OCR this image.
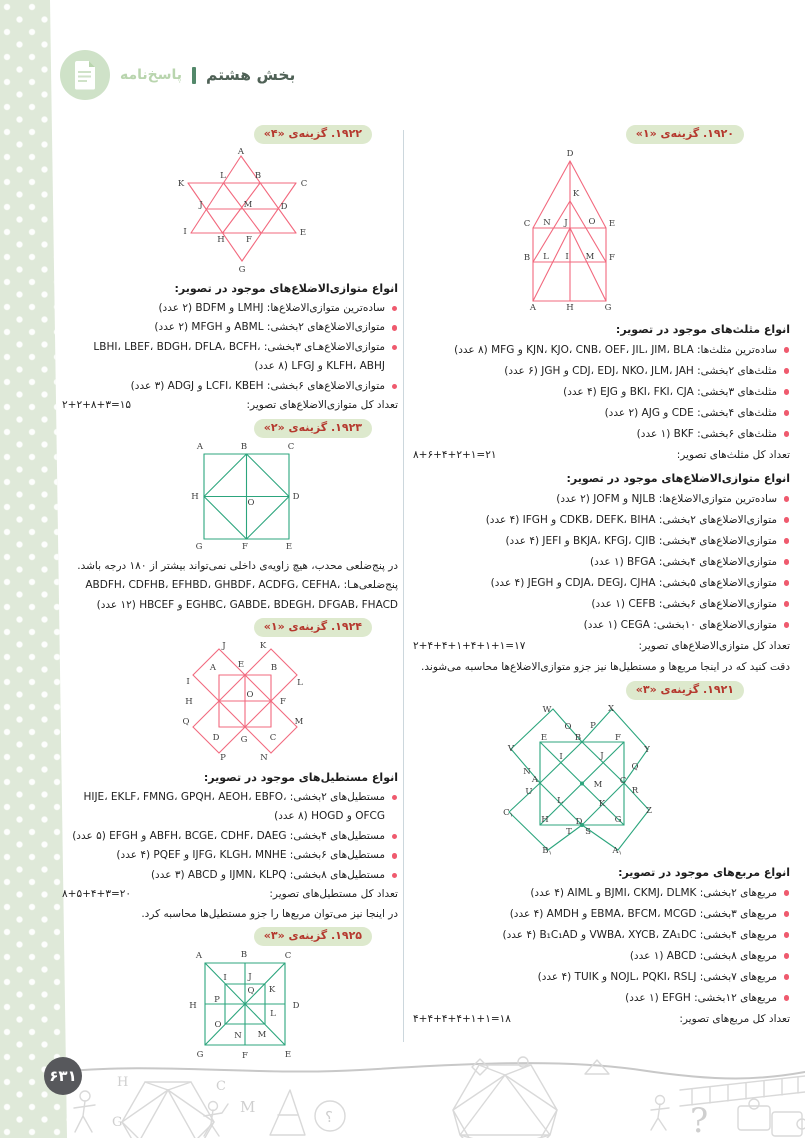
پاسخ‌نامه بخش هشتم
۱۹۲۰. گزینه‌ی «۱»
D
K
C N J O E
B L I M F
A	H	G

انواع مثلث‌های موجود در تصویر:

ساده‌ترین مثلث‌ها: KJN، KJO، CNB، OEF، JIL، JIM، BLA و MFG (۸ عدد)

مثلث‌های ۲بخشی: CDJ، EDJ، NKO، JLM، JAH و JGH (۶ عدد)

مثلث‌های ۳بخشی: BKI، FKI، CJA و EJG (۴ عدد)

مثلث‌های ۴بخشی: CDE و AJG (۲ عدد)

مثلث‌های ۶بخشی: BKF (۱ عدد)

تعداد کل مثلث‌های تصویر:
۸+۶+۴+۲+۱=۲۱

انواع متوازی‌الاضلاع‌های موجود در تصویر:

ساده‌ترین متوازی‌الاضلاع‌ها: NJLB و JOFM (۲ عدد)

متوازی‌الاضلاع‌های ۲بخشی: CDKB، DEFK، BIHA و IFGH (۴ عدد)

متوازی‌الاضلاع‌های ۳بخشی: BKJA، KFGJ، CJIB و JEFI (۴ عدد)

متوازی‌الاضلاع‌های ۴بخشی: BFGA (۱ عدد)

متوازی‌الاضلاع‌های ۵بخشی: CDJA، DEGJ، CJHA و JEGH (۴ عدد)

متوازی‌الاضلاع‌های ۶بخشی: CEFB (۱ عدد)

متوازی‌الاضلاع‌های ۱۰بخشی: CEGA (۱ عدد)

تعداد کل متوازی‌الاضلاع‌های تصویر:
۲+۴+۴+۱+۴+۱+۱=۱۷

دقت کنید که در اینجا مربع‌ها و مستطیل‌ها نیز جزو متوازی‌الاضلاع‌ها محاسبه می‌شوند.

۱۹۲۱. گزینه‌ی «۳»
W	X
O P
B
E	F
V	Y
I	J
N	Q
A	M C
U	R
L	K
C۱	Z
H	G
D
T S
B۱	A۱

انواع مربع‌های موجود در تصویر:

مربع‌های ۲بخشی: BJMI، CKMJ، DLMK و AIML (۴ عدد)

مربع‌های ۳بخشی: EBMA، BFCM، MCGD و AMDH (۴ عدد)

مربع‌های ۴بخشی: VWBA، XYCB، ZA₁DC و B₁C₁AD (۴ عدد)

مربع‌های ۸بخشی: ABCD (۱ عدد)

مربع‌های ۷بخشی: NOJL، PQKI، RSLJ و TUIK (۴ عدد)

مربع‌های ۱۲بخشی: EFGH (۱ عدد)

تعداد کل مربع‌های تصویر:
۴+۴+۴+۴+۱+۱=۱۸
۱۹۲۲. گزینه‌ی «۴»
A
L	B
K	C
J	M	D
I
H	F
E
G

انواع متوازی‌الاضلاع‌های موجود در تصویر:

ساده‌ترین متوازی‌الاضلاع‌ها: LMHJ و BDFM (۲ عدد)

متوازی‌الاضلاع‌های ۲بخشی: ABML و MFGH (۲ عدد)

متوازی‌الاضلاع‌هـای ۳بخشی: LBHI، LBEF، BDGH، DFLA، BCFH، KLFH، ABHJ و LFGJ (۸ عدد)

متوازی‌الاضلاع‌های ۶بخشی: LCFI، KBEH و ADGJ (۳ عدد)

تعداد کل متوازی‌الاضلاع‌های تصویر:
۲+۲+۸+۳=۱۵
۱۹۲۳. گزینه‌ی «۲»
A	B	C
H
O
D
G	F	E

در پنج‌ضلعی محدب، هیچ زاویه‌ی داخلی نمی‌تواند بیشتر از ۱۸۰ درجه باشد.

پنج‌ضلعی‌هـا: ABDFH، CDFHB، EFHBD، GHBDF، ACDFG، CEFHA، EGHBC، GABDE، BDEGH، DFGAB، FHACD و HBCEF (۱۲ عدد)

۱۹۲۴. گزینه‌ی «۱»
J	K
E
A	B
I	L
O
H	F
Q	M
D G	C
P	N

انواع مستطیل‌های موجود در تصویر:

مستطیل‌های ۲بخشی: HIJE، EKLF، FMNG، GPQH، AEOH، EBFO، OFCG و HOGD (۸ عدد)

مستطیل‌های ۴بخشی: ABFH، BCGE، CDHF، DAEG و EFGH (۵ عدد)

مستطیل‌های ۶بخشی: IJFG، KLGH، MNHE و PQEF (۴ عدد)

مستطیل‌های ۸بخشی: IJMN، KLPQ و ABCD (۳ عدد)

تعداد کل مستطیل‌های تصویر:
۸+۵+۴+۳=۲۰

در اینجا نیز می‌توان مربع‌ها را جزو مستطیل‌ها محاسبه کرد.

۱۹۲۵. گزینه‌ی «۳»
A	B	C
I	J
Q K
P
H	D
L
O
N M
G	F	E
H	C
G
M
؟	?
۶۳۱
